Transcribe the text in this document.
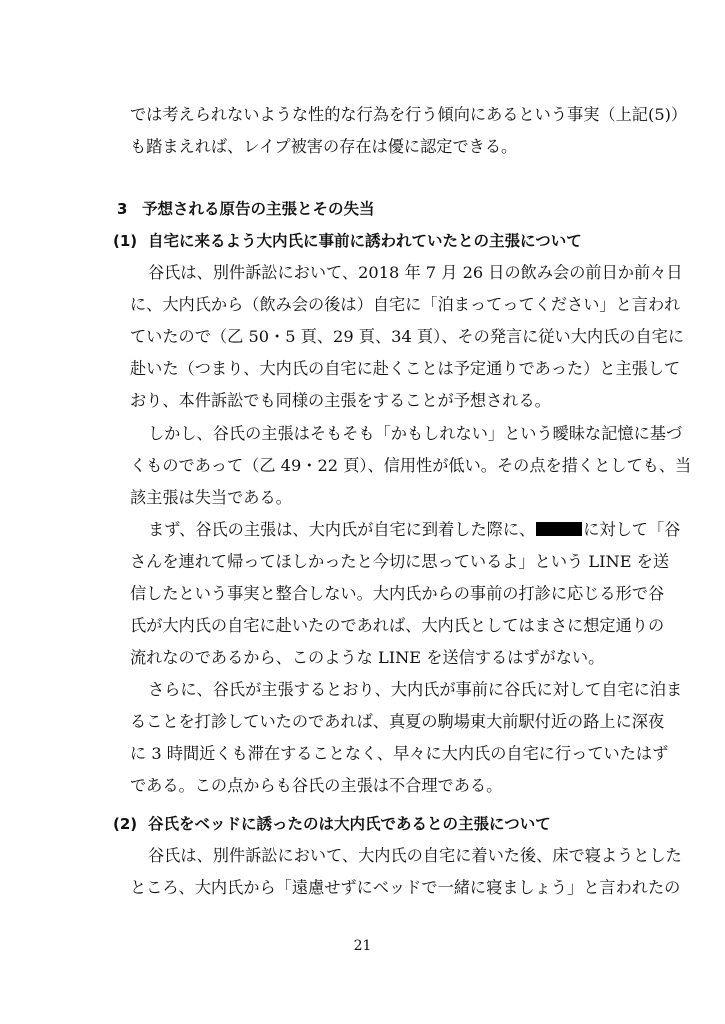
では考えられないような性的な行為を行う傾向にあるという事実（上記(5)）
も踏まえれば、レイプ被害の存在は優に認定できる。
3 予想される原告の主張とその失当
(1) 自宅に来るよう大内氏に事前に誘われていたとの主張について
谷氏は、別件訴訟において、2018 年 7 月 26 日の飲み会の前日か前々日
に、大内氏から（飲み会の後は）自宅に「泊まってってください」と言われ
ていたので（乙 50・5 頁、29 頁、34 頁）、その発言に従い大内氏の自宅に
赴いた（つまり、大内氏の自宅に赴くことは予定通りであった）と主張して
おり、本件訴訟でも同様の主張をすることが予想される。
しかし、谷氏の主張はそもそも「かもしれない」という曖昧な記憶に基づ
くものであって（乙 49・22 頁）、信用性が低い。その点を措くとしても、当
該主張は失当である。
まず、谷氏の主張は、大内氏が自宅に到着した際に、	に対して「谷
さんを連れて帰ってほしかったと今切に思っているよ」という LINE を送
信したという事実と整合しない。大内氏からの事前の打診に応じる形で谷
氏が大内氏の自宅に赴いたのであれば、大内氏としてはまさに想定通りの
流れなのであるから、このような LINE を送信するはずがない。
さらに、谷氏が主張するとおり、大内氏が事前に谷氏に対して自宅に泊ま
ることを打診していたのであれば、真夏の駒場東大前駅付近の路上に深夜
に 3 時間近くも滞在することなく、早々に大内氏の自宅に行っていたはず
である。この点からも谷氏の主張は不合理である。
(2) 谷氏をベッドに誘ったのは大内氏であるとの主張について
谷氏は、別件訴訟において、大内氏の自宅に着いた後、床で寝ようとした
ところ、大内氏から「遠慮せずにベッドで一緒に寝ましょう」と言われたの
21
